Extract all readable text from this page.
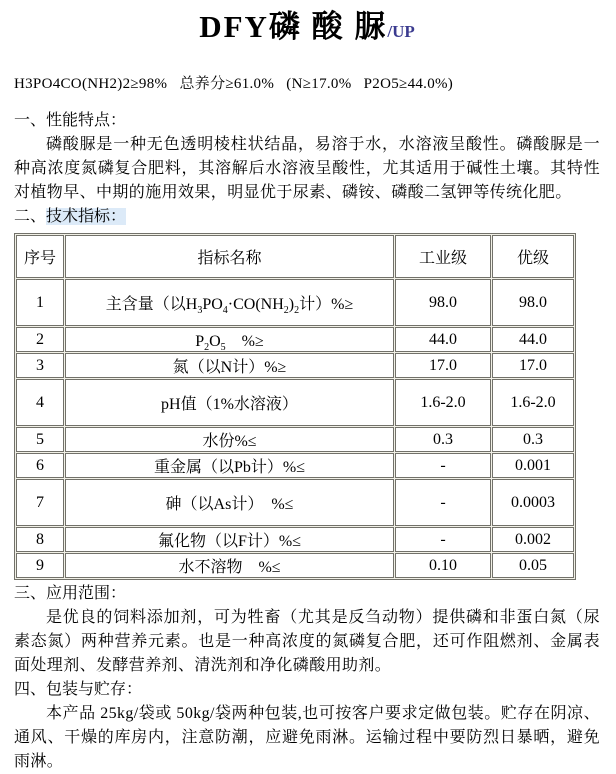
DFY磷 酸 脲/UP

H3PO4CO(NH2)2≥98%   总养分≥61.0%   (N≥17.0%   P2O5≥44.0%)

一、性能特点：

磷酸脲是一种无色透明棱柱状结晶，易溶于水，水溶液呈酸性。磷酸脲是一种高浓度氮磷复合肥料，其溶解后水溶液呈酸性，尤其适用于碱性土壤。其特性对植物早、中期的施用效果，明显优于尿素、磷铵、磷酸二氢钾等传统化肥。

二、技术指标：

序号	指标名称	工业级	优级
1	主含量（以$H_3PO_4\cdot CO(NH_2)_2$计）%≥	98.0	98.0
2	$P_2O_5$　%≥	44.0	44.0
3	氮（以N计）%≥	17.0	17.0
4	pH值（1%水溶液）	1.6-2.0	1.6-2.0
5	水份%≤	0.3	0.3
6	重金属（以Pb计）%≤	-	0.001
7	砷（以As计）　%≤	-	0.0003
8	氟化物（以F计）%≤	-	0.002
9	水不溶物　%≤	0.10	0.05

三、应用范围：

是优良的饲料添加剂，可为牲畜（尤其是反刍动物）提供磷和非蛋白氮（尿素态氮）两种营养元素。也是一种高浓度的氮磷复合肥，还可作阻燃剂、金属表面处理剂、发酵营养剂、清洗剂和净化磷酸用助剂。

四、包装与贮存：

本产品 25kg/袋或 50kg/袋两种包装,也可按客户要求定做包装。贮存在阴凉、通风、干燥的库房内，注意防潮，应避免雨淋。运输过程中要防烈日暴晒，避免雨淋。
